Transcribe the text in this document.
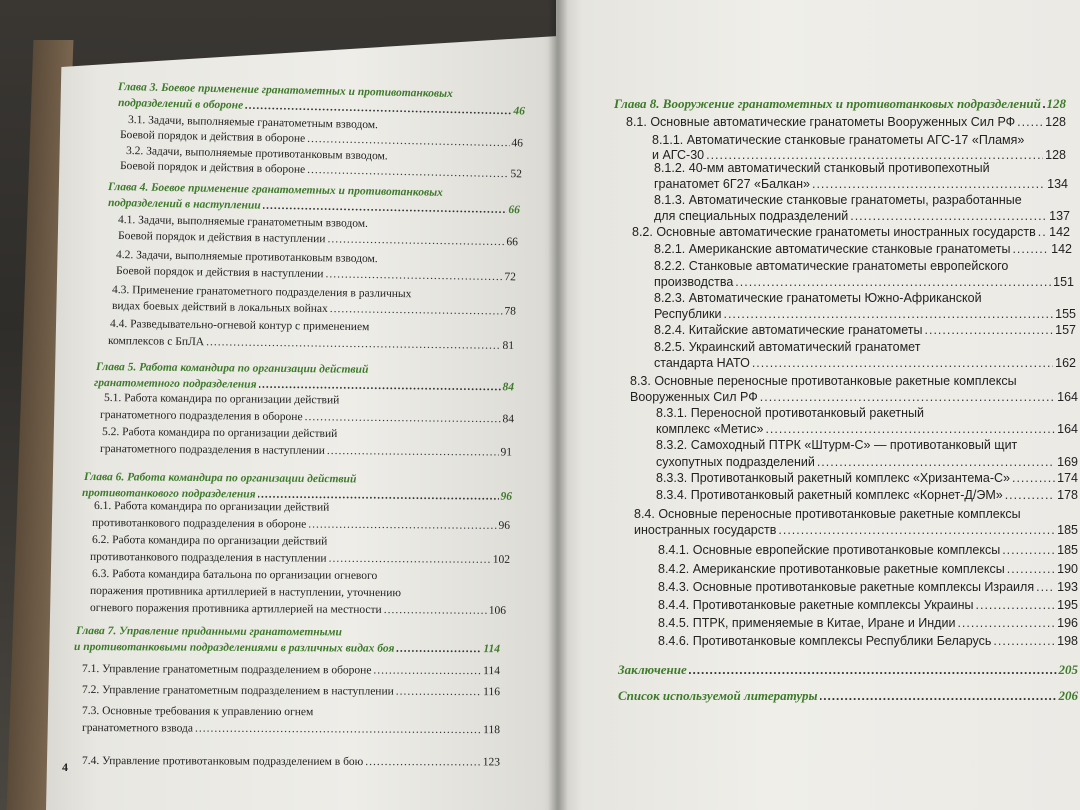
Глава 3. Боевое применение гранатометных и противотанковых
подразделений в обороне .....	46
3.1. Задачи, выполняемые гранатометным взводом.
Боевой порядок и действия в обороне .....	46
3.2. Задачи, выполняемые противотанковым взводом.
Боевой порядок и действия в обороне .....	52
Глава 4. Боевое применение гранатометных и противотанковых
подразделений в наступлении .....	66
4.1. Задачи, выполняемые гранатометным взводом.
Боевой порядок и действия в наступлении .....	66
4.2. Задачи, выполняемые противотанковым взводом.
Боевой порядок и действия в наступлении .....	72
4.3. Применение гранатометного подразделения в различных
видах боевых действий в локальных войнах .....	78
4.4. Разведывательно-огневой контур с применением
комплексов с БпЛА .....	81
Глава 5. Работа командира по организации действий
гранатометного подразделения .....	84
5.1. Работа командира по организации действий
гранатометного подразделения в обороне .....	84
5.2. Работа командира по организации действий
гранатометного подразделения в наступлении .....	91
Глава 6. Работа командира по организации действий
противотанкового подразделения .....	96
6.1. Работа командира по организации действий
противотанкового подразделения в обороне .....	96
6.2. Работа командира по организации действий
противотанкового подразделения в наступлении .....	102
6.3. Работа командира батальона по организации огневого
поражения противника артиллерией в наступлении, уточнению
огневого поражения противника артиллерией на местности .....	106
Глава 7. Управление приданными гранатометными
и противотанковыми подразделениями в различных видах боя .....	114
7.1. Управление гранатометным подразделением в обороне .....	114
7.2. Управление гранатометным подразделением в наступлении .....	116
7.3. Основные требования к управлению огнем
гранатометного взвода .....	118
7.4. Управление противотанковым подразделением в бою .....	123
Глава 8. Вооружение гранатометных и противотанковых подразделений ..... 128
8.1. Основные автоматические гранатометы Вооруженных Сил РФ ..... 128
8.1.1. Автоматические станковые гранатометы АГС-17 «Пламя»
и АГС-30 .....	128
8.1.2. 40-мм автоматический станковый противопехотный
гранатомет 6Г27 «Балкан» .....	134
8.1.3. Автоматические станковые гранатометы, разработанные
для специальных подразделений .....	137
8.2. Основные автоматические гранатометы иностранных государств ..... 142
8.2.1. Американские автоматические станковые гранатометы .....	142
8.2.2. Станковые автоматические гранатометы европейского
производства .....	151
8.2.3. Автоматические гранатометы Южно-Африканской
Республики .....	155
8.2.4. Китайские автоматические гранатометы .....	157
8.2.5. Украинский автоматический гранатомет
стандарта НАТО .....	162
8.3. Основные переносные противотанковые ракетные комплексы
Вооруженных Сил РФ .....	164
8.3.1. Переносной противотанковый ракетный
комплекс «Метис» .....	164
8.3.2. Самоходный ПТРК «Штурм-С» — противотанковый щит
сухопутных подразделений .....	169
8.3.3. Противотанковый ракетный комплекс «Хризантема-С» .....	174
8.3.4. Противотанковый ракетный комплекс «Корнет-Д/ЭМ» .....	178
8.4. Основные переносные противотанковые ракетные комплексы
иностранных государств .....	185
8.4.1. Основные европейские противотанковые комплексы .....	185
8.4.2. Американские противотанковые ракетные комплексы .....	190
8.4.3. Основные противотанковые ракетные комплексы Израиля ..... 193
8.4.4. Противотанковые ракетные комплексы Украины .....	195
8.4.5. ПТРК, применяемые в Китае, Иране и Индии .....	196
8.4.6. Противотанковые комплексы Республики Беларусь .....	198
Заключение .....	205
Список используемой литературы .....	206
4
